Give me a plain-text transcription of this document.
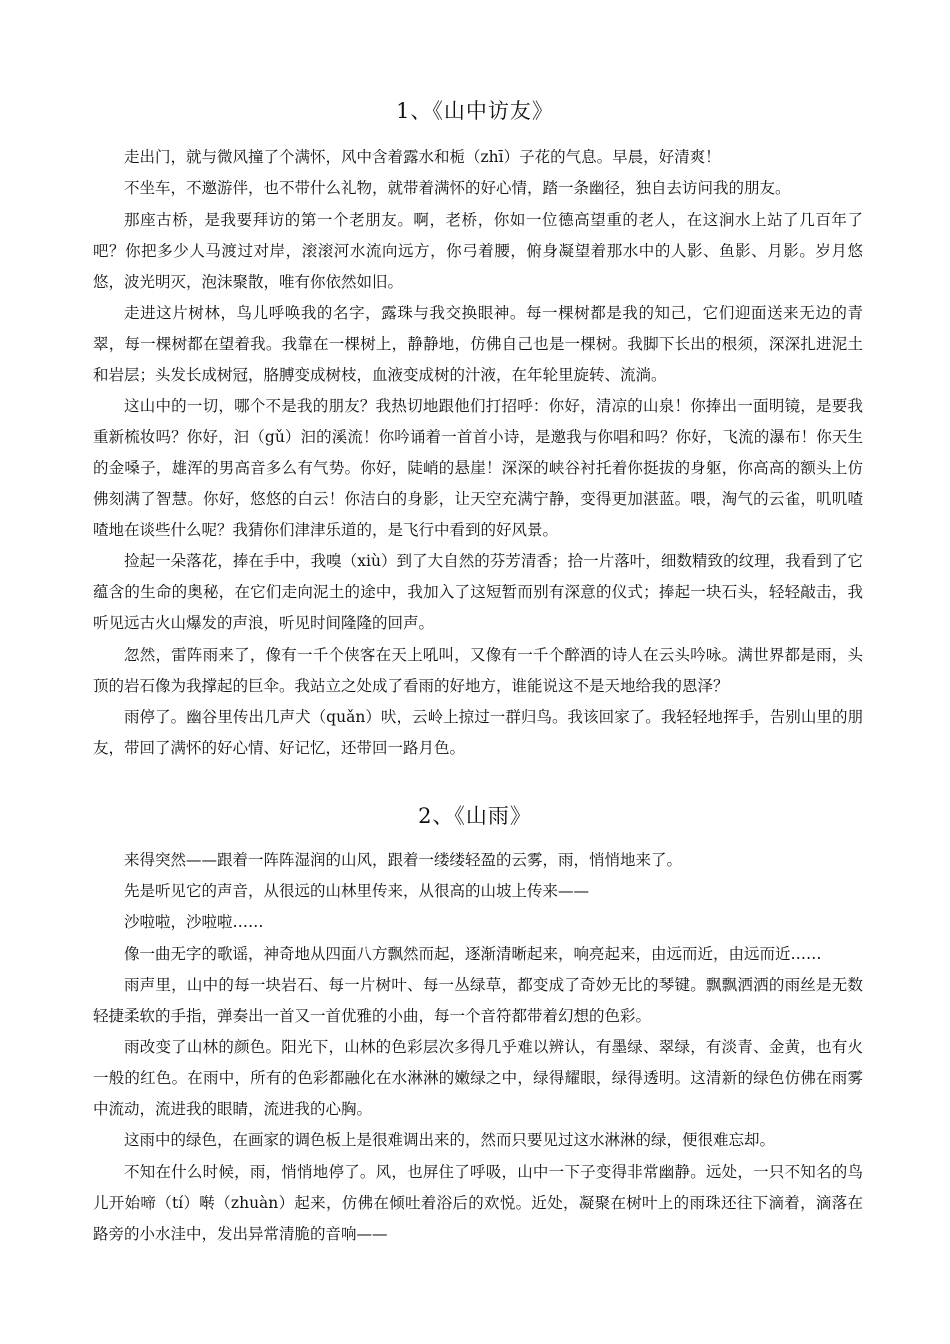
1、《山中访友》

走出门，就与微风撞了个满怀，风中含着露水和栀（zhī）子花的气息。早晨，好清爽！

不坐车，不邀游伴，也不带什么礼物，就带着满怀的好心情，踏一条幽径，独自去访问我的朋友。

那座古桥，是我要拜访的第一个老朋友。啊，老桥，你如一位德高望重的老人，在这涧水上站了几百年了吧？你把多少人马渡过对岸，滚滚河水流向远方，你弓着腰，俯身凝望着那水中的人影、鱼影、月影。岁月悠悠，波光明灭，泡沫聚散，唯有你依然如旧。

走进这片树林，鸟儿呼唤我的名字，露珠与我交换眼神。每一棵树都是我的知己，它们迎面送来无边的青翠，每一棵树都在望着我。我靠在一棵树上，静静地，仿佛自己也是一棵树。我脚下长出的根须，深深扎进泥土和岩层；头发长成树冠，胳膊变成树枝，血液变成树的汁液，在年轮里旋转、流淌。

这山中的一切，哪个不是我的朋友？我热切地跟他们打招呼：你好，清凉的山泉！你捧出一面明镜，是要我重新梳妆吗？你好，汩（gǔ）汩的溪流！你吟诵着一首首小诗，是邀我与你唱和吗？你好，飞流的瀑布！你天生的金嗓子，雄浑的男高音多么有气势。你好，陡峭的悬崖！深深的峡谷衬托着你挺拔的身躯，你高高的额头上仿佛刻满了智慧。你好，悠悠的白云！你洁白的身影，让天空充满宁静，变得更加湛蓝。喂，淘气的云雀，叽叽喳喳地在谈些什么呢？我猜你们津津乐道的，是飞行中看到的好风景。

捡起一朵落花，捧在手中，我嗅（xiù）到了大自然的芬芳清香；拾一片落叶，细数精致的纹理，我看到了它蕴含的生命的奥秘，在它们走向泥土的途中，我加入了这短暂而别有深意的仪式；捧起一块石头，轻轻敲击，我听见远古火山爆发的声浪，听见时间隆隆的回声。

忽然，雷阵雨来了，像有一千个侠客在天上吼叫，又像有一千个醉酒的诗人在云头吟咏。满世界都是雨，头顶的岩石像为我撑起的巨伞。我站立之处成了看雨的好地方，谁能说这不是天地给我的恩泽？

雨停了。幽谷里传出几声犬（quǎn）吠，云岭上掠过一群归鸟。我该回家了。我轻轻地挥手，告别山里的朋友，带回了满怀的好心情、好记忆，还带回一路月色。

2、《山雨》

来得突然——跟着一阵阵湿润的山风，跟着一缕缕轻盈的云雾，雨，悄悄地来了。

先是听见它的声音，从很远的山林里传来，从很高的山坡上传来——

沙啦啦，沙啦啦……

像一曲无字的歌谣，神奇地从四面八方飘然而起，逐渐清晰起来，响亮起来，由远而近，由远而近……

雨声里，山中的每一块岩石、每一片树叶、每一丛绿草，都变成了奇妙无比的琴键。飘飘洒洒的雨丝是无数轻捷柔软的手指，弹奏出一首又一首优雅的小曲，每一个音符都带着幻想的色彩。

雨改变了山林的颜色。阳光下，山林的色彩层次多得几乎难以辨认，有墨绿、翠绿，有淡青、金黄，也有火一般的红色。在雨中，所有的色彩都融化在水淋淋的嫩绿之中，绿得耀眼，绿得透明。这清新的绿色仿佛在雨雾中流动，流进我的眼睛，流进我的心胸。

这雨中的绿色，在画家的调色板上是很难调出来的，然而只要见过这水淋淋的绿，便很难忘却。

不知在什么时候，雨，悄悄地停了。风，也屏住了呼吸，山中一下子变得非常幽静。远处，一只不知名的鸟儿开始啼（tí）啭（zhuàn）起来，仿佛在倾吐着浴后的欢悦。近处，凝聚在树叶上的雨珠还往下滴着，滴落在路旁的小水洼中，发出异常清脆的音响——
